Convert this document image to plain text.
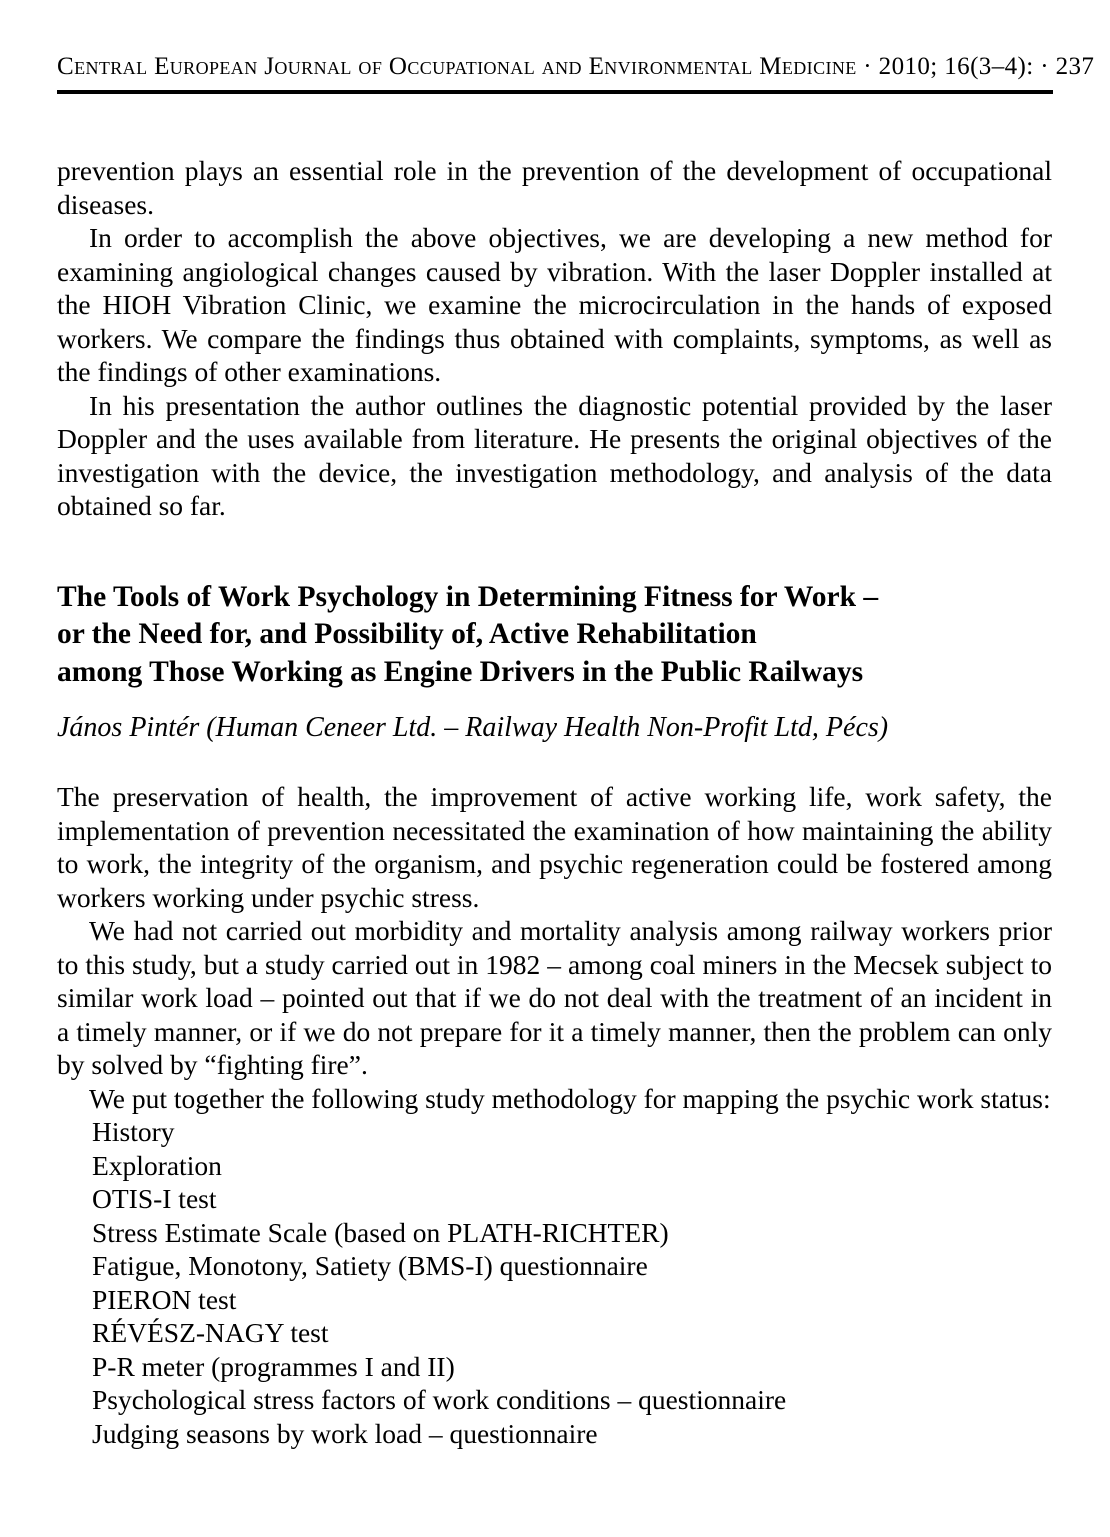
Central European Journal of Occupational and Environmental Medicine · 2010; 16(3–4): · 237

prevention plays an essential role in the prevention of the development of occupational diseases.

In order to accomplish the above objectives, we are developing a new method for examining angiological changes caused by vibration. With the laser Doppler installed at the HIOH Vibration Clinic, we examine the microcirculation in the hands of exposed workers. We compare the findings thus obtained with complaints, symptoms, as well as the findings of other examinations.

In his presentation the author outlines the diagnostic potential provided by the laser Doppler and the uses available from literature. He presents the original objectives of the investigation with the device, the investigation methodology, and analysis of the data obtained so far.

The Tools of Work Psychology in Determining Fitness for Work –
or the Need for, and Possibility of, Active Rehabilitation
among Those Working as Engine Drivers in the Public Railways
János Pintér (Human Ceneer Ltd. – Railway Health Non-Profit Ltd, Pécs)

The preservation of health, the improvement of active working life, work safety, the implementation of prevention necessitated the examination of how maintaining the ability to work, the integrity of the organism, and psychic regeneration could be fostered among workers working under psychic stress.

We had not carried out morbidity and mortality analysis among railway workers prior to this study, but a study carried out in 1982 – among coal miners in the Mecsek subject to similar work load – pointed out that if we do not deal with the treatment of an incident in a timely manner, or if we do not prepare for it a timely manner, then the problem can only by solved by “fighting fire”.

We put together the following study methodology for mapping the psychic work status:

History
Exploration
OTIS-I test
Stress Estimate Scale (based on PLATH-RICHTER)
Fatigue, Monotony, Satiety (BMS-I) questionnaire
PIERON test
RÉVÉSZ-NAGY test
P-R meter (programmes I and II)
Psychological stress factors of work conditions – questionnaire
Judging seasons by work load – questionnaire
